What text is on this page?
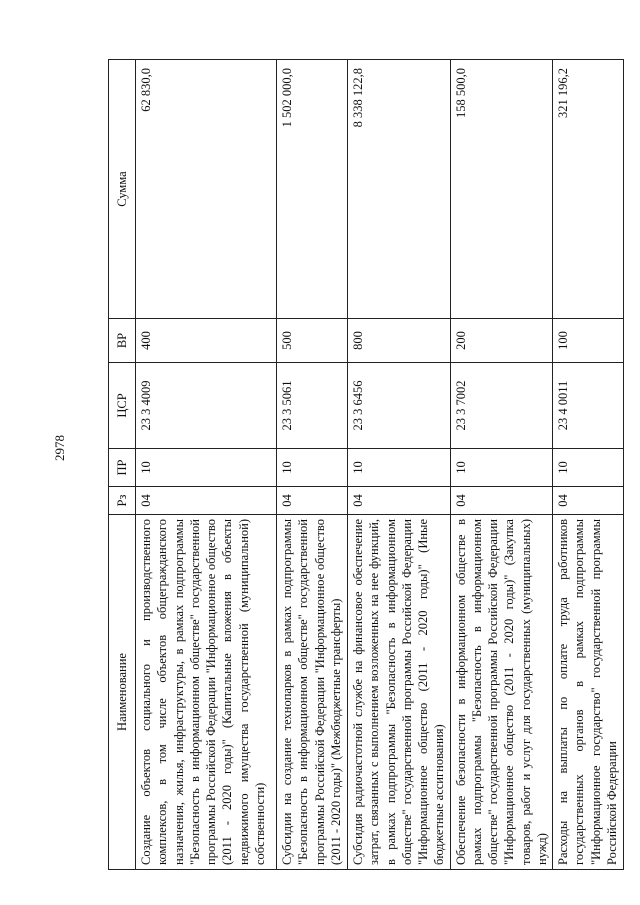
2978
Наименование	Рз	ПР	ЦСР	ВР	Сумма
Создание объектов социального и производственного комплексов, в том числе объектов общегражданского назначения, жилья, инфраструктуры, в рамках подпрограммы "Безопасность в информационном обществе" государственной программы Российской Федерации "Информационное общество (2011 - 2020 годы)" (Капитальные вложения в объекты недвижимого имущества государственной (муниципальной) собственности)	04	10	23 3 4009	400	62 830,0
Субсидии на создание технопарков в рамках подпрограммы "Безопасность в информационном обществе" государственной программы Российской Федерации "Информационное общество (2011 - 2020 годы)" (Межбюджетные трансферты)	04	10	23 3 5061	500	1 502 000,0
Субсидия радиочастотной службе на финансовое обеспечение затрат, связанных с выполнением возложенных на нее функций, в рамках подпрограммы "Безопасность в информационном обществе" государственной программы Российской Федерации "Информационное общество (2011 - 2020 годы)" (Иные бюджетные ассигнования)	04	10	23 3 6456	800	8 338 122,8
Обеспечение безопасности в информационном обществе в рамках подпрограммы "Безопасность в информационном обществе" государственной программы Российской Федерации "Информационное общество (2011 - 2020 годы)" (Закупка товаров, работ и услуг для государственных (муниципальных) нужд)	04	10	23 3 7002	200	158 500,0
Расходы на выплаты по оплате труда работников государственных органов в рамках подпрограммы "Информационное государство" государственной программы Российской Федерации	04	10	23 4 0011	100	321 196,2
